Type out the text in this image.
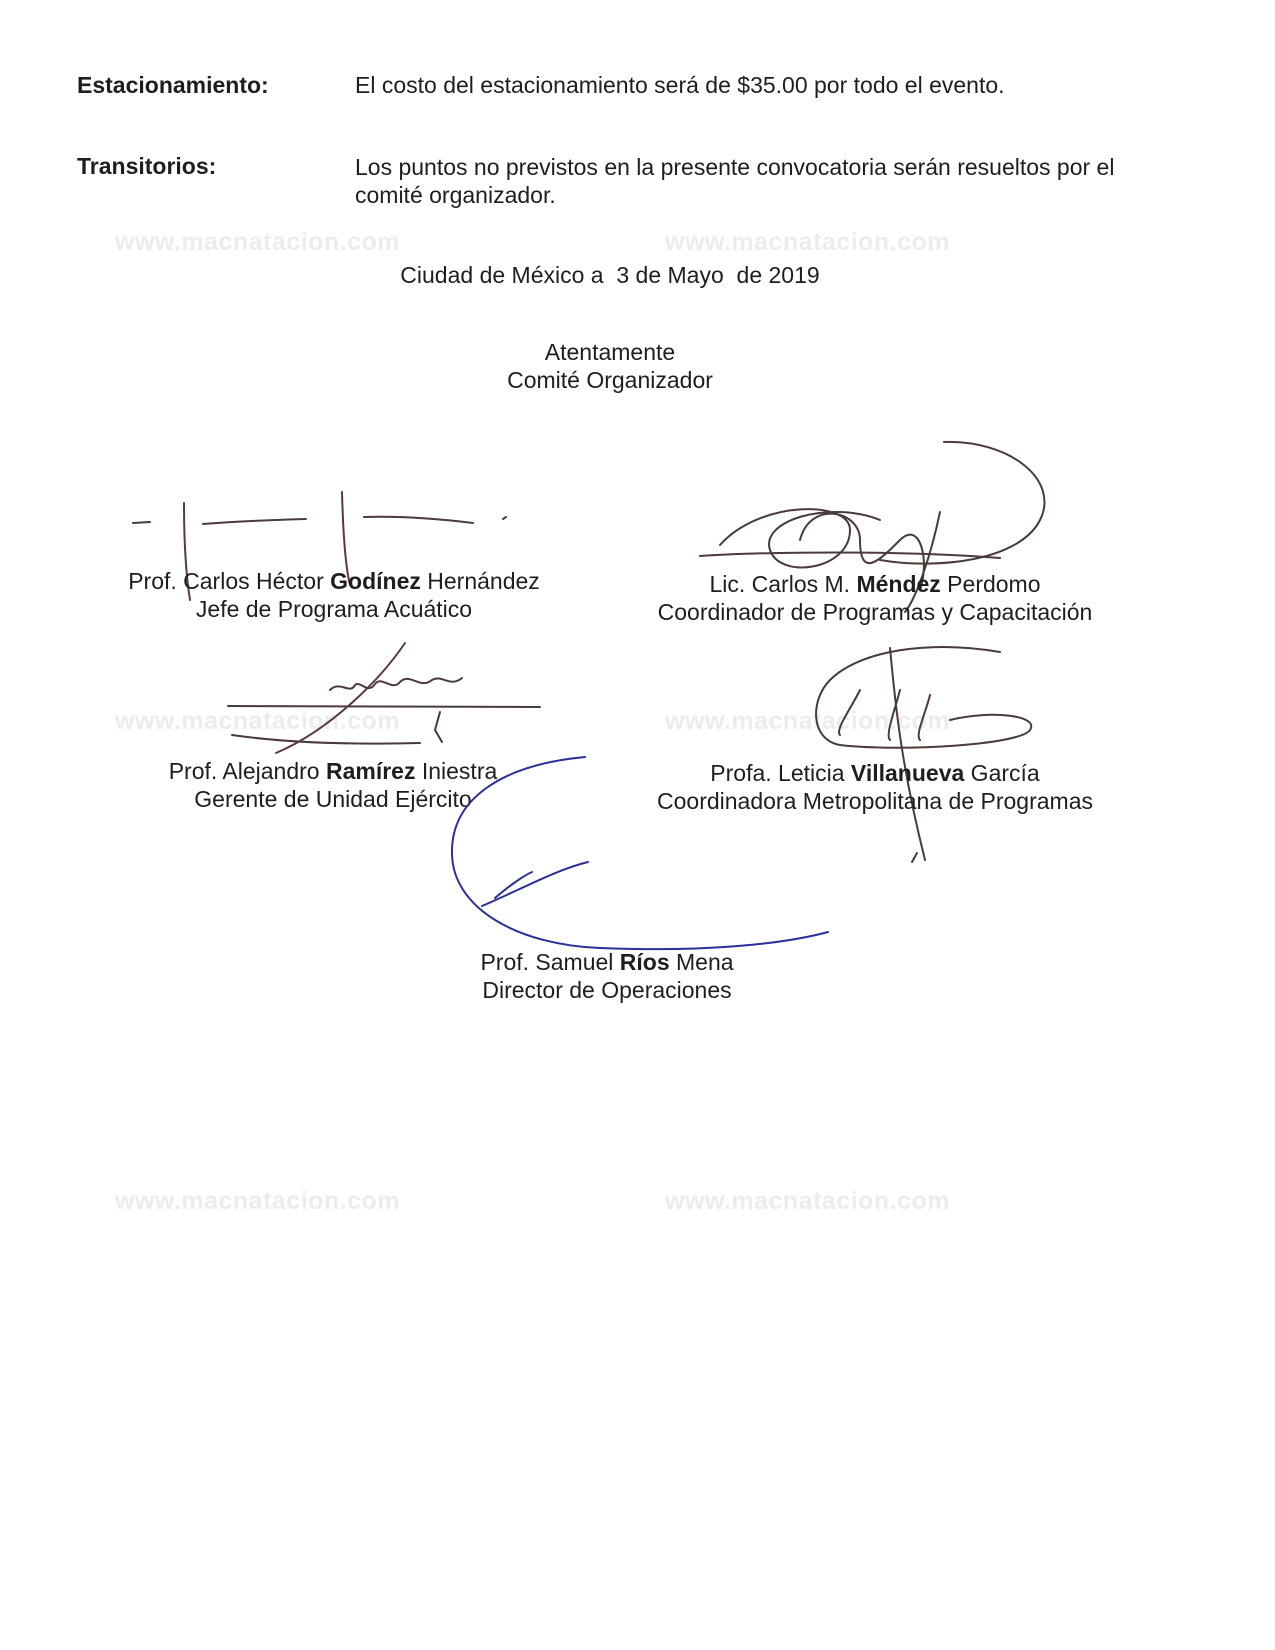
www.macnatacion.com	www.macnatacion.com
www.macnatacion.com	www.macnatacion.com
www.macnatacion.com	www.macnatacion.com
Estacionamiento:	El costo del estacionamiento será de $35.00 por todo el evento.
Transitorios:	Los puntos no previstos en la presente convocatoria serán resueltos por el comité organizador.
Ciudad de México a  3 de Mayo  de 2019
Atentamente
Comité Organizador
Prof. Carlos Héctor Godínez Hernández
Jefe de Programa Acuático
Lic. Carlos M. Méndez Perdomo
Coordinador de Programas y Capacitación
Prof. Alejandro Ramírez Iniestra
Gerente de Unidad Ejército
Profa. Leticia Villanueva García
Coordinadora Metropolitana de Programas
Prof. Samuel Ríos Mena
Director de Operaciones
